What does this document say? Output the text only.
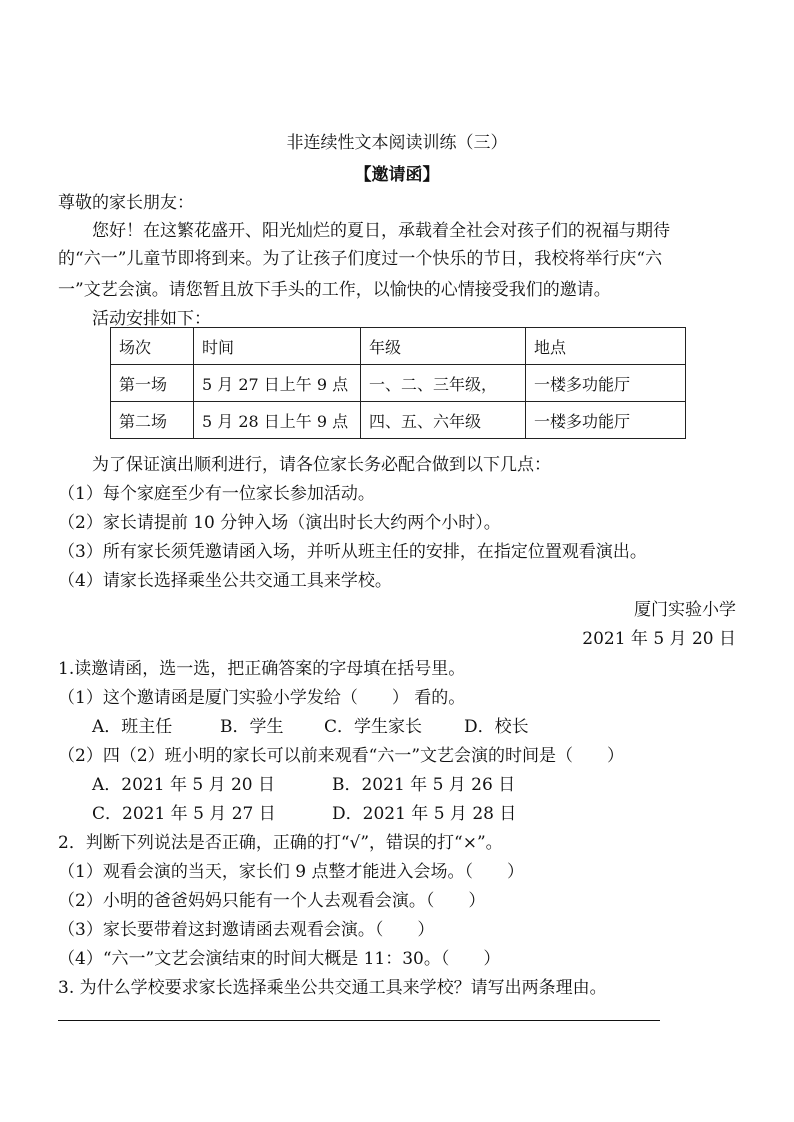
非连续性文本阅读训练（三）
【邀请函】
尊敬的家长朋友：
您好！在这繁花盛开、阳光灿烂的夏日，承载着全社会对孩子们的祝福与期待
的“六一”儿童节即将到来。为了让孩子们度过一个快乐的节日，我校将举行庆“六
一”文艺会演。请您暂且放下手头的工作，以愉快的心情接受我们的邀请。
活动安排如下：
场次	时间	年级	地点
第一场	5 月 27 日上午 9 点	一、二、三年级，	一楼多功能厅
第二场	5 月 28 日上午 9 点	四、五、六年级	一楼多功能厅
为了保证演出顺利进行，请各位家长务必配合做到以下几点：
（1）每个家庭至少有一位家长参加活动。
（2）家长请提前 10 分钟入场（演出时长大约两个小时）。
（3）所有家长须凭邀请函入场，并听从班主任的安排，在指定位置观看演出。
（4）请家长选择乘坐公共交通工具来学校。
厦门实验小学
2021 年 5 月 20 日
1.读邀请函，选一选，把正确答案的字母填在括号里。
（1）这个邀请函是厦门实验小学发给（　　） 看的。
A．班主任	B．学生 C．学生家长 D．校长
（2）四（2）班小明的家长可以前来观看“六一”文艺会演的时间是（　　）
A．2021 年 5 月 20 日	B．2021 年 5 月 26 日
C．2021 年 5 月 27 日	D．2021 年 5 月 28 日
2．判断下列说法是否正确，正确的打“√”，错误的打“×”。
（1）观看会演的当天，家长们 9 点整才能进入会场。（　　）
（2）小明的爸爸妈妈只能有一个人去观看会演。（　　）
（3）家长要带着这封邀请函去观看会演。（　　）
（4）“六一”文艺会演结束的时间大概是 11：30。（　　）
3. 为什么学校要求家长选择乘坐公共交通工具来学校？请写出两条理由。
